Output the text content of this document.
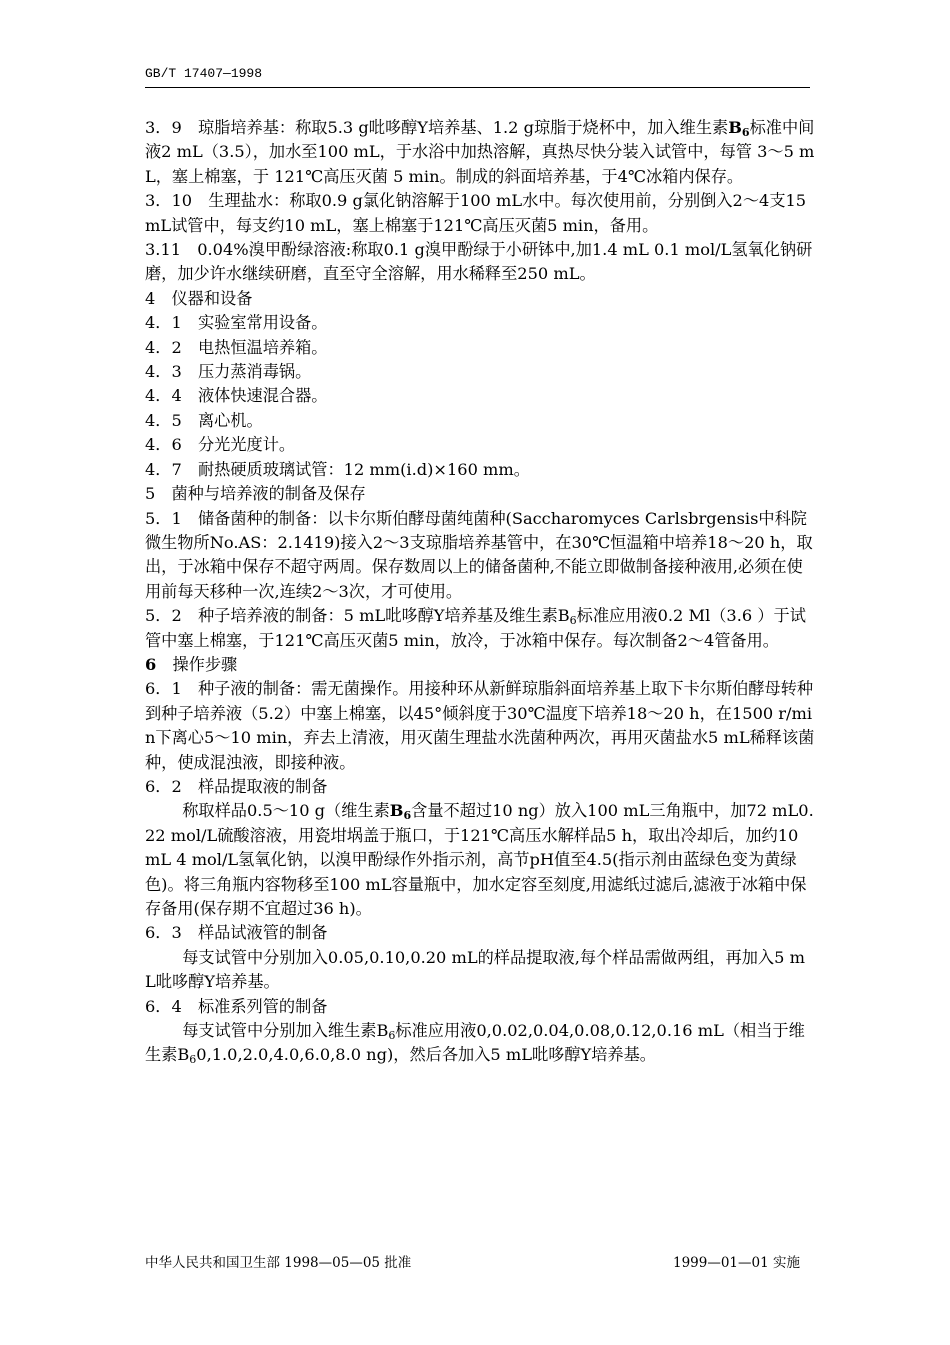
GB/T 17407—1998

3．9　琼脂培养基：称取5.3 g吡哆醇Y培养基、1.2 g琼脂于烧杯中，加入维生素$B_6$标准中间液2 mL（3.5），加水至100 mL，于水浴中加热溶解，真热尽快分装入试管中，每管 3～5 mL，塞上棉塞，于 121℃高压灭菌 5 min。制成的斜面培养基，于4℃冰箱内保存。

3．10　生理盐水：称取0.9 g氯化钠溶解于100 mL水中。每次使用前，分别倒入2～4支15 mL试管中，每支约10 mL，塞上棉塞于121℃高压灭菌5 min，备用。

3.11　0.04%溴甲酚绿溶液:称取0.1 g溴甲酚绿于小研钵中,加1.4 mL 0.1 mol/L氢氧化钠研磨，加少许水继续研磨，直至守全溶解，用水稀释至250 mL。

4　仪器和设备

4．1　实验室常用设备。

4．2　电热恒温培养箱。

4．3　压力蒸消毒锅。

4．4　液体快速混合器。

4．5　离心机。

4．6　分光光度计。

4．7　耐热硬质玻璃试管：12 mm(i.d)×160 mm。

5　菌种与培养液的制备及保存

5．1　储备菌种的制备：以卡尔斯伯酵母菌纯菌种(Saccharomyces Carlsbrgensis中科院微生物所No.AS：2.1419)接入2～3支琼脂培养基管中，在30℃恒温箱中培养18～20 h，取出，于冰箱中保存不超守两周。保存数周以上的储备菌种,不能立即做制备接种液用,必须在使用前每天移种一次,连续2～3次，才可使用。

5．2　种子培养液的制备：5 mL吡哆醇Y培养基及维生素$B_6$标准应用液0.2 Ml（3.6 ）于试管中塞上棉塞，于121℃高压灭菌5 min，放冷，于冰箱中保存。每次制备2～4管备用。

6　操作步骤

6．1　种子液的制备：需无菌操作。用接种环从新鲜琼脂斜面培养基上取下卡尔斯伯酵母转种到种子培养液（5.2）中塞上棉塞，以45°倾斜度于30℃温度下培养18～20 h，在1500 r/min下离心5～10 min，弃去上清液，用灭菌生理盐水洗菌种两次，再用灭菌盐水5 mL稀释该菌种，使成混浊液，即接种液。

6．2　样品提取液的制备

称取样品0.5～10 g（维生素$B_6$含量不超过10 ng）放入100 mL三角瓶中，加72 mL0.22 mol/L硫酸溶液，用瓷坩埚盖于瓶口，于121℃高压水解样品5 h，取出冷却后，加约10 mL 4 mol/L氢氧化钠，以溴甲酚绿作外指示剂，高节pH值至4.5(指示剂由蓝绿色变为黄绿色)。将三角瓶内容物移至100 mL容量瓶中，加水定容至刻度,用滤纸过滤后,滤液于冰箱中保存备用(保存期不宜超过36 h)。

6．3　样品试液管的制备

每支试管中分别加入0.05,0.10,0.20 mL的样品提取液,每个样品需做两组，再加入5 mL吡哆醇Y培养基。

6．4　标准系列管的制备

每支试管中分别加入维生素$B_6$标准应用液0,0.02,0.04,0.08,0.12,0.16 mL（相当于维生素$B_60,1.0,2.0,4.0,6.0,8.0$ ng)，然后各加入5 mL吡哆醇Y培养基。

中华人民共和国卫生部 1998—05—05 批准	1999—01—01 实施
